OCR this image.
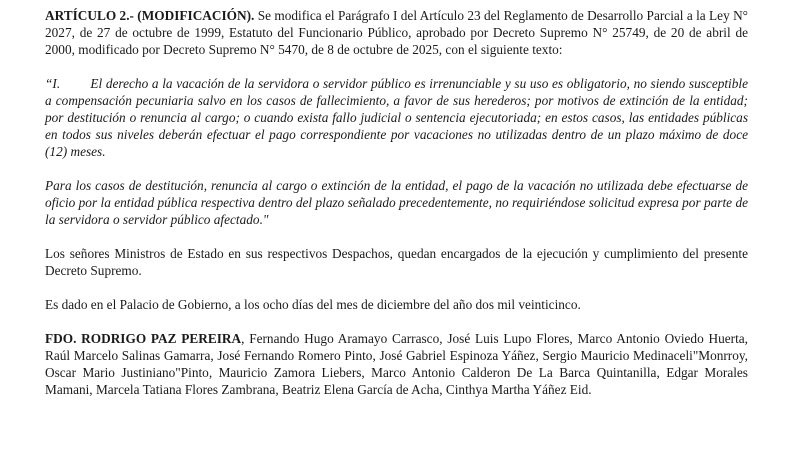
ARTÍCULO 2.- (MODIFICACIÓN). Se modifica el Parágrafo I del Artículo 23 del Reglamento de Desarrollo Parcial a la Ley N° 2027, de 27 de octubre de 1999, Estatuto del Funcionario Público, aprobado por Decreto Supremo N° 25749, de 20 de abril de 2000, modificado por Decreto Supremo N° 5470, de 8 de octubre de 2025, con el siguiente texto:

“I. El derecho a la vacación de la servidora o servidor público es irrenunciable y su uso es obligatorio, no siendo susceptible a compensación pecuniaria salvo en los casos de fallecimiento, a favor de sus herederos; por motivos de extinción de la entidad; por destitución o renuncia al cargo; o cuando exista fallo judicial o sentencia ejecutoriada; en estos casos, las entidades públicas en todos sus niveles deberán efectuar el pago correspondiente por vacaciones no utilizadas dentro de un plazo máximo de doce (12) meses.

Para los casos de destitución, renuncia al cargo o extinción de la entidad, el pago de la vacación no utilizada debe efectuarse de oficio por la entidad pública respectiva dentro del plazo señalado precedentemente, no requiriéndose solicitud expresa por parte de la servidora o servidor público afectado."

Los señores Ministros de Estado en sus respectivos Despachos, quedan encargados de la ejecución y cumplimiento del presente Decreto Supremo.

Es dado en el Palacio de Gobierno, a los ocho días del mes de diciembre del año dos mil veinticinco.

FDO. RODRIGO PAZ PEREIRA, Fernando Hugo Aramayo Carrasco, José Luis Lupo Flores, Marco Antonio Oviedo Huerta, Raúl Marcelo Salinas Gamarra, José Fernando Romero Pinto, José Gabriel Espinoza Yáñez, Sergio Mauricio Medinaceli"Monrroy, Oscar Mario Justiniano"Pinto, Mauricio Zamora Liebers, Marco Antonio Calderon De La Barca Quintanilla, Edgar Morales Mamani, Marcela Tatiana Flores Zambrana, Beatriz Elena García de Acha, Cinthya Martha Yáñez Eid.
